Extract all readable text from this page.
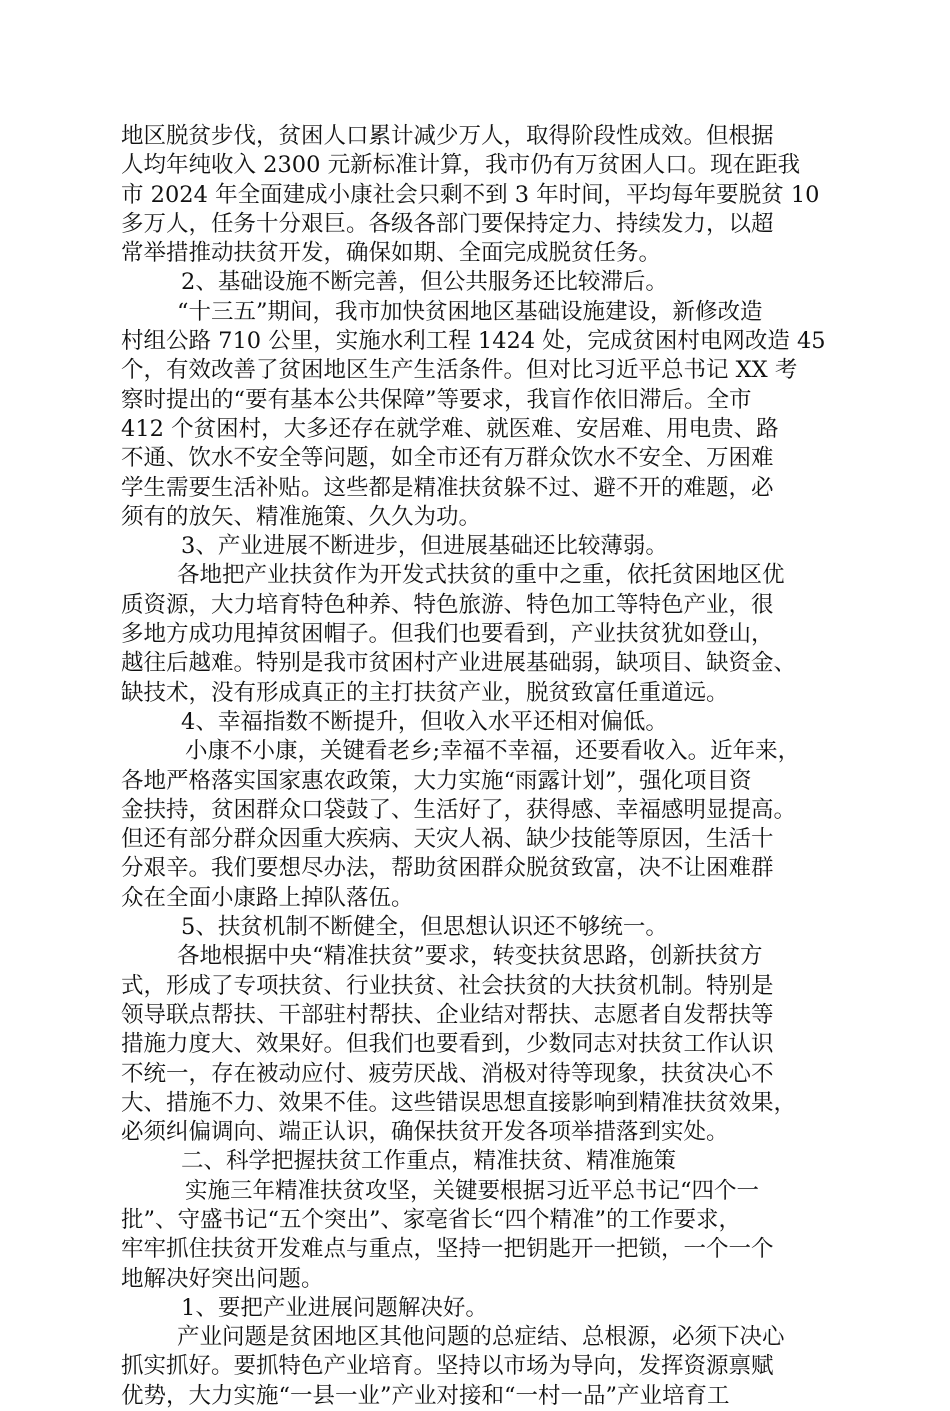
地区脱贫步伐，贫困人口累计减少万人，取得阶段性成效。但根据
人均年纯收入 2300 元新标准计算，我市仍有万贫困人口。现在距我
市 2024 年全面建成小康社会只剩不到 3 年时间，平均每年要脱贫 10
多万人，任务十分艰巨。各级各部门要保持定力、持续发力，以超
常举措推动扶贫开发，确保如期、全面完成脱贫任务。
2、基础设施不断完善，但公共服务还比较滞后。
“十三五”期间，我市加快贫困地区基础设施建设，新修改造
村组公路 710 公里，实施水利工程 1424 处，完成贫困村电网改造 45
个，有效改善了贫困地区生产生活条件。但对比习近平总书记 XX 考
察时提出的“要有基本公共保障”等要求，我盲作依旧滞后。全市
412 个贫困村，大多还存在就学难、就医难、安居难、用电贵、路
不通、饮水不安全等问题，如全市还有万群众饮水不安全、万困难
学生需要生活补贴。这些都是精准扶贫躲不过、避不开的难题，必
须有的放矢、精准施策、久久为功。
3、产业进展不断进步，但进展基础还比较薄弱。
各地把产业扶贫作为开发式扶贫的重中之重，依托贫困地区优
质资源，大力培育特色种养、特色旅游、特色加工等特色产业，很
多地方成功甩掉贫困帽子。但我们也要看到，产业扶贫犹如登山，
越往后越难。特别是我市贫困村产业进展基础弱，缺项目、缺资金、
缺技术，没有形成真正的主打扶贫产业，脱贫致富任重道远。
4、幸福指数不断提升，但收入水平还相对偏低。
小康不小康，关键看老乡;幸福不幸福，还要看收入。近年来，
各地严格落实国家惠农政策，大力实施“雨露计划”，强化项目资
金扶持，贫困群众口袋鼓了、生活好了，获得感、幸福感明显提高。
但还有部分群众因重大疾病、天灾人祸、缺少技能等原因，生活十
分艰辛。我们要想尽办法，帮助贫困群众脱贫致富，决不让困难群
众在全面小康路上掉队落伍。
5、扶贫机制不断健全，但思想认识还不够统一。
各地根据中央“精准扶贫”要求，转变扶贫思路，创新扶贫方
式，形成了专项扶贫、行业扶贫、社会扶贫的大扶贫机制。特别是
领导联点帮扶、干部驻村帮扶、企业结对帮扶、志愿者自发帮扶等
措施力度大、效果好。但我们也要看到，少数同志对扶贫工作认识
不统一，存在被动应付、疲劳厌战、消极对待等现象，扶贫决心不
大、措施不力、效果不佳。这些错误思想直接影响到精准扶贫效果，
必须纠偏调向、端正认识，确保扶贫开发各项举措落到实处。
二、科学把握扶贫工作重点，精准扶贫、精准施策
实施三年精准扶贫攻坚，关键要根据习近平总书记“四个一
批”、守盛书记“五个突出”、家亳省长“四个精准”的工作要求，
牢牢抓住扶贫开发难点与重点，坚持一把钥匙开一把锁，一个一个
地解决好突出问题。
1、要把产业进展问题解决好。
产业问题是贫困地区其他问题的总症结、总根源，必须下决心
抓实抓好。要抓特色产业培育。坚持以市场为导向，发挥资源禀赋
优势，大力实施“一县一业”产业对接和“一村一品”产业培育工
